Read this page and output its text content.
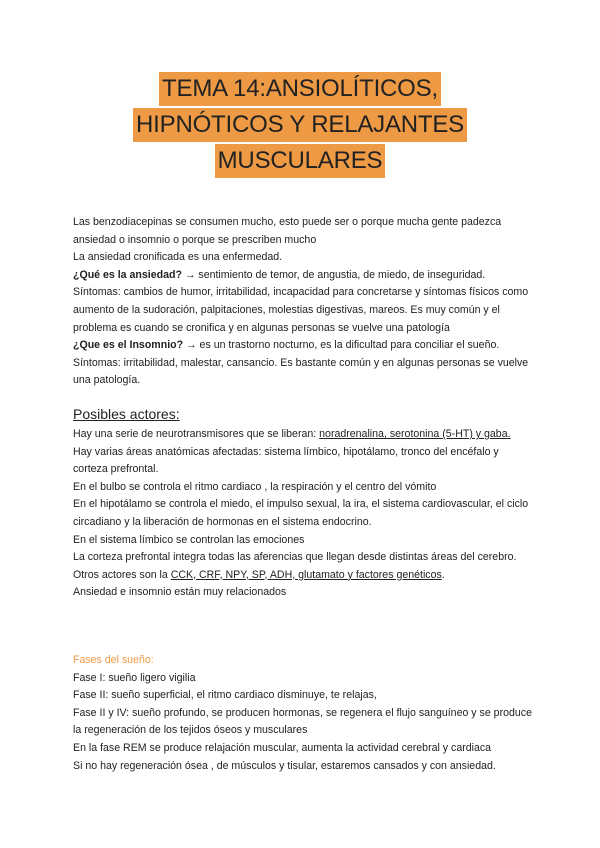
TEMA 14:ANSIOLÍTICOS,
HIPNÓTICOS Y RELAJANTES
MUSCULARES

Las benzodiacepinas se consumen mucho, esto puede ser o porque mucha gente padezca ansiedad o insomnio o porque se prescriben mucho

La ansiedad cronificada es una enfermedad.

¿Qué es la ansiedad? → sentimiento de temor, de angustia, de miedo, de inseguridad.

Síntomas: cambios de humor, irritabilidad, incapacidad para concretarse y síntomas físicos como aumento de la sudoración, palpitaciones, molestias digestivas, mareos. Es muy común y el problema es cuando se cronifica y en algunas personas se vuelve una patología

¿Que es el Insomnio? → es un trastorno nocturno, es la dificultad para conciliar el sueño.

Síntomas: irritabilidad, malestar, cansancio. Es bastante común y en algunas personas se vuelve una patología.

Posibles actores:

Hay una serie de neurotransmisores que se liberan: noradrenalina, serotonina (5-HT) y gaba.

Hay varias áreas anatómicas afectadas: sistema límbico, hipotálamo, tronco del encéfalo y corteza prefrontal.

En el bulbo se controla el ritmo cardiaco , la respiración y el centro del vómito

En el hipotálamo se controla el miedo, el impulso sexual, la ira, el sistema cardiovascular, el ciclo circadiano y la liberación de hormonas en el sistema endocrino.

En el sistema límbico se controlan las emociones

La corteza prefrontal integra todas las aferencias que llegan desde distintas áreas del cerebro.

Otros actores son la CCK, CRF, NPY, SP, ADH, glutamato y factores genéticos.

Ansiedad e insomnio están muy relacionados

Fases del sueño:

Fase I: sueño ligero vigilia

Fase II: sueño superficial, el ritmo cardiaco disminuye, te relajas,

Fase II y IV: sueño profundo, se producen hormonas, se regenera el flujo sanguíneo y se produce la regeneración de los tejidos óseos y musculares

En la fase REM se produce relajación muscular, aumenta la actividad cerebral y cardiaca

Si no hay regeneración ósea , de músculos y tisular, estaremos cansados y con ansiedad.
